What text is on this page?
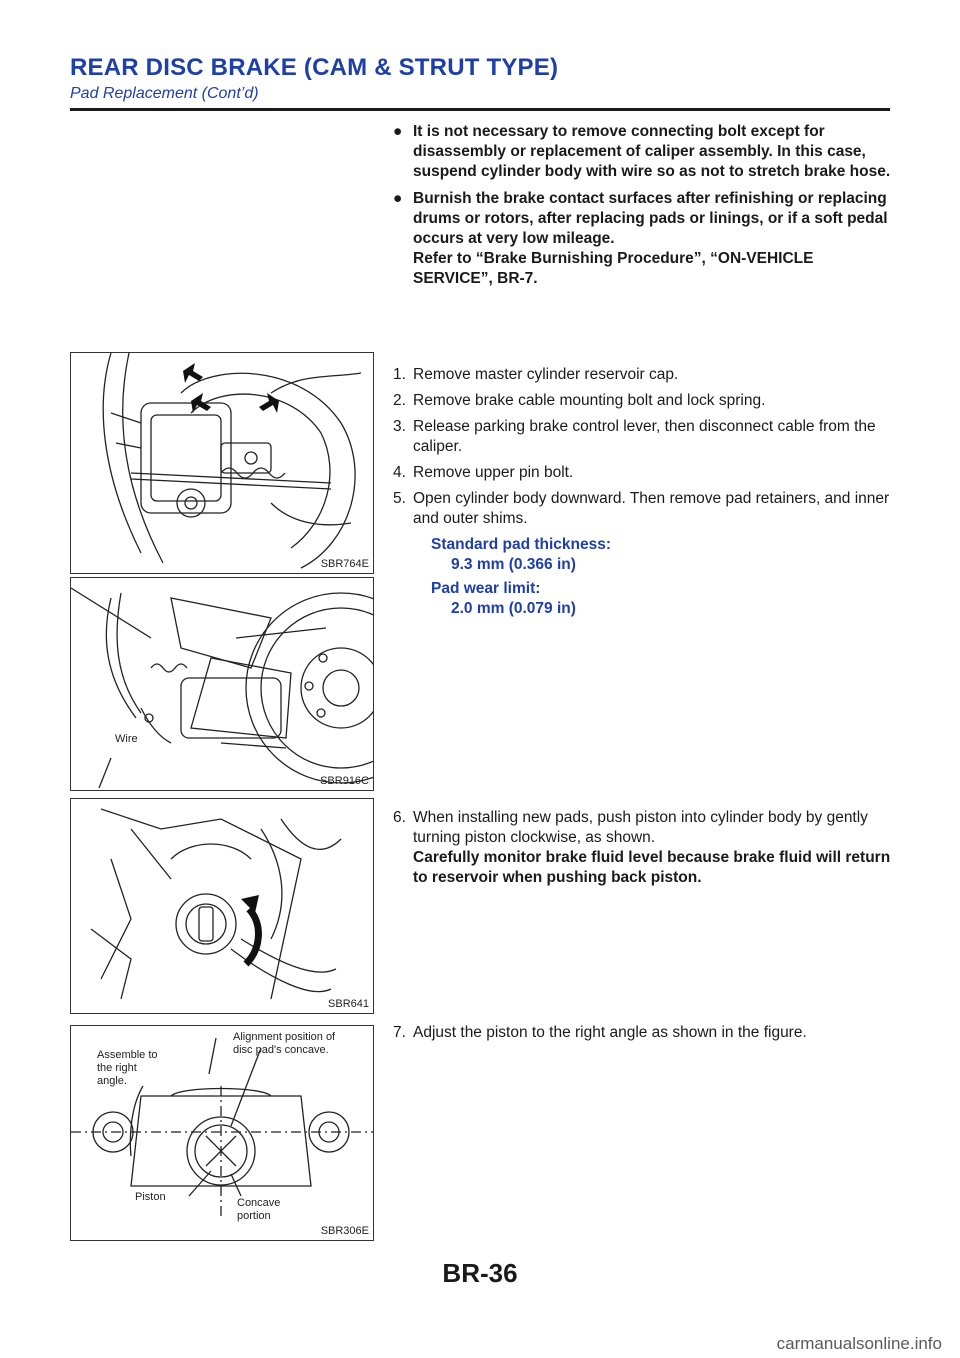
REAR DISC BRAKE (CAM & STRUT TYPE)
Pad Replacement (Cont’d)
● It is not necessary to remove connecting bolt except for disassembly or replacement of caliper assembly. In this case, suspend cylinder body with wire so as not to stretch brake hose.
● Burnish the brake contact surfaces after refinishing or replacing drums or rotors, after replacing pads or linings, or if a soft pedal occurs at very low mileage.
Refer to “Brake Burnishing Procedure”, “ON-VEHICLE SERVICE”, BR-7.
SBR764E
Wire
SBR916C
SBR641
Assemble to
the right
angle.
Alignment position of
disc pad's concave.
Piston	Concave
portion
SBR306E
1. Remove master cylinder reservoir cap.
2. Remove brake cable mounting bolt and lock spring.
3. Release parking brake control lever, then disconnect cable from the caliper.
4. Remove upper pin bolt.
5. Open cylinder body downward. Then remove pad retainers, and inner and outer shims.
Standard pad thickness:
9.3 mm (0.366 in)
Pad wear limit:
2.0 mm (0.079 in)
6. When installing new pads, push piston into cylinder body by gently turning piston clockwise, as shown.
Carefully monitor brake fluid level because brake fluid will return to reservoir when pushing back piston.
7. Adjust the piston to the right angle as shown in the figure.
BR-36
carmanualsonline.info
